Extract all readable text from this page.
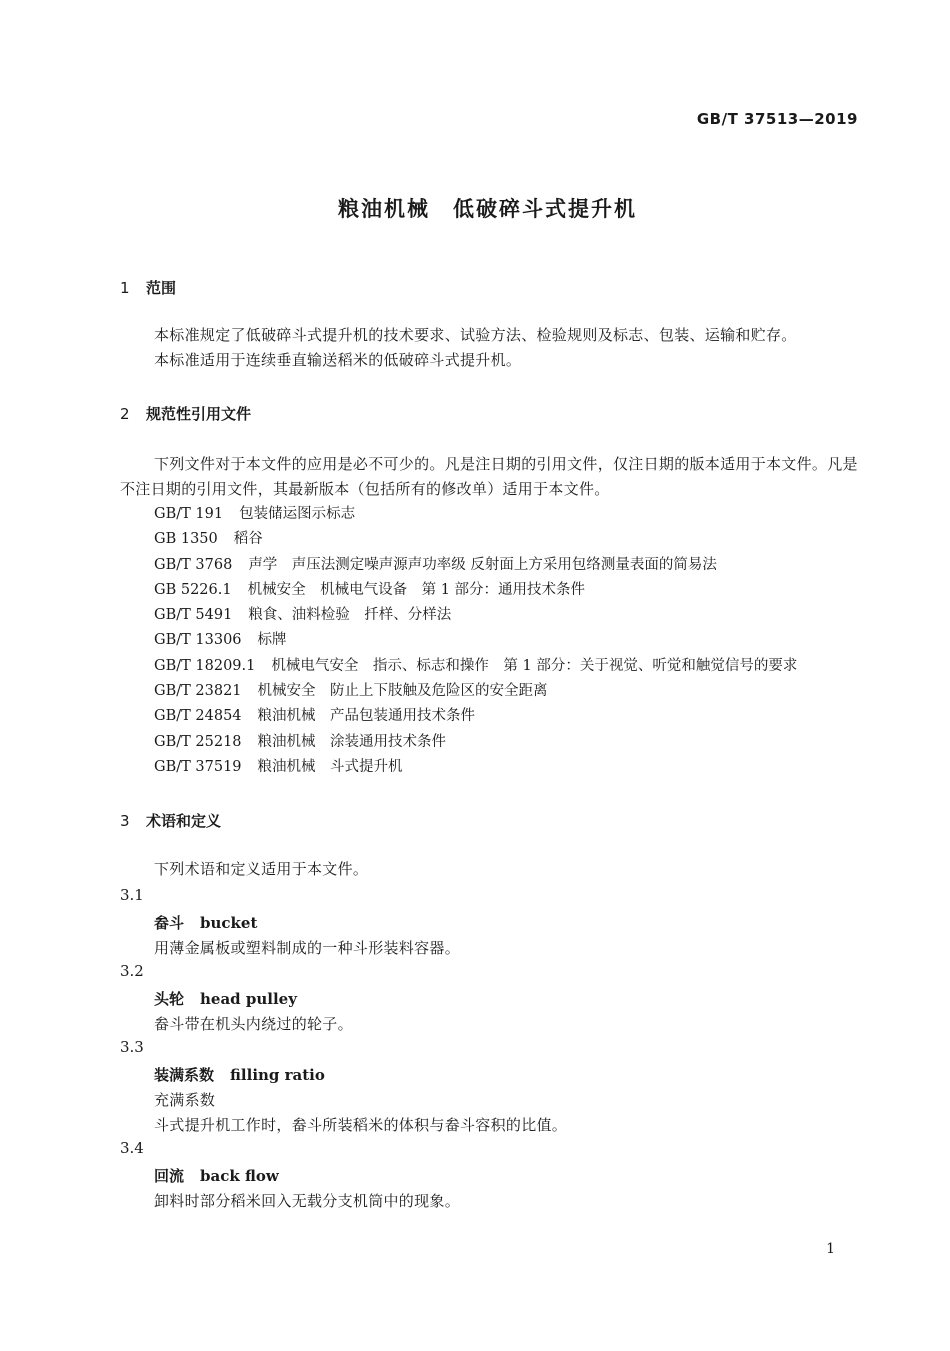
GB/T 37513—2019
粮油机械　低破碎斗式提升机
1 范围
本标准规定了低破碎斗式提升机的技术要求、试验方法、检验规则及标志、包装、运输和贮存。
本标准适用于连续垂直输送稻米的低破碎斗式提升机。
2 规范性引用文件
下列文件对于本文件的应用是必不可少的。凡是注日期的引用文件，仅注日期的版本适用于本文件。凡是不注日期的引用文件，其最新版本（包括所有的修改单）适用于本文件。
GB/T 191 包装储运图示标志
GB 1350 稻谷
GB/T 3768 声学　声压法测定噪声源声功率级 反射面上方采用包络测量表面的简易法
GB 5226.1 机械安全　机械电气设备　第 1 部分：通用技术条件
GB/T 5491 粮食、油料检验　扦样、分样法
GB/T 13306 标牌
GB/T 18209.1 机械电气安全　指示、标志和操作　第 1 部分：关于视觉、听觉和触觉信号的要求
GB/T 23821 机械安全　防止上下肢触及危险区的安全距离
GB/T 24854 粮油机械　产品包装通用技术条件
GB/T 25218 粮油机械　涂装通用技术条件
GB/T 37519 粮油机械　斗式提升机
3 术语和定义
下列术语和定义适用于本文件。
3.1
畚斗 bucket
用薄金属板或塑料制成的一种斗形装料容器。
3.2
头轮 head pulley
畚斗带在机头内绕过的轮子。
3.3
装满系数 filling ratio
充满系数
斗式提升机工作时，畚斗所装稻米的体积与畚斗容积的比值。
3.4
回流 back flow
卸料时部分稻米回入无载分支机筒中的现象。
1
